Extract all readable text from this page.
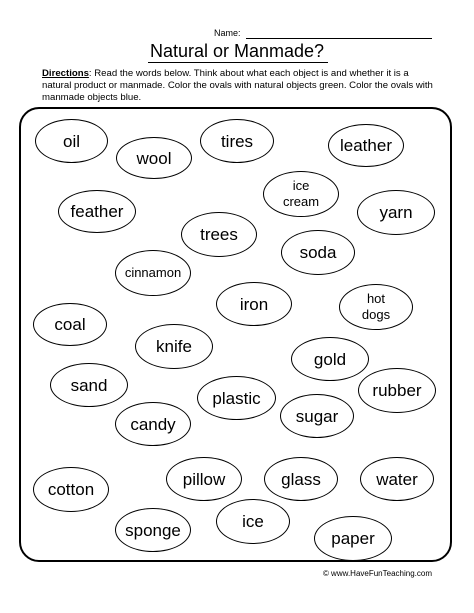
Name:
Natural or Manmade?
Directions: Read the words below. Think about what each object is and whether it is a natural product or manmade. Color the ovals with natural objects green. Color the ovals with manmade objects blue.
oil
wool
tires	leather
ice cream
feather	yarn
trees
soda
cinnamon
iron	hot dogs
coal
knife
gold
sand
plastic	rubber
candy	sugar
cotton
pillow	glass	water
sponge	ice
paper
© www.HaveFunTeaching.com
